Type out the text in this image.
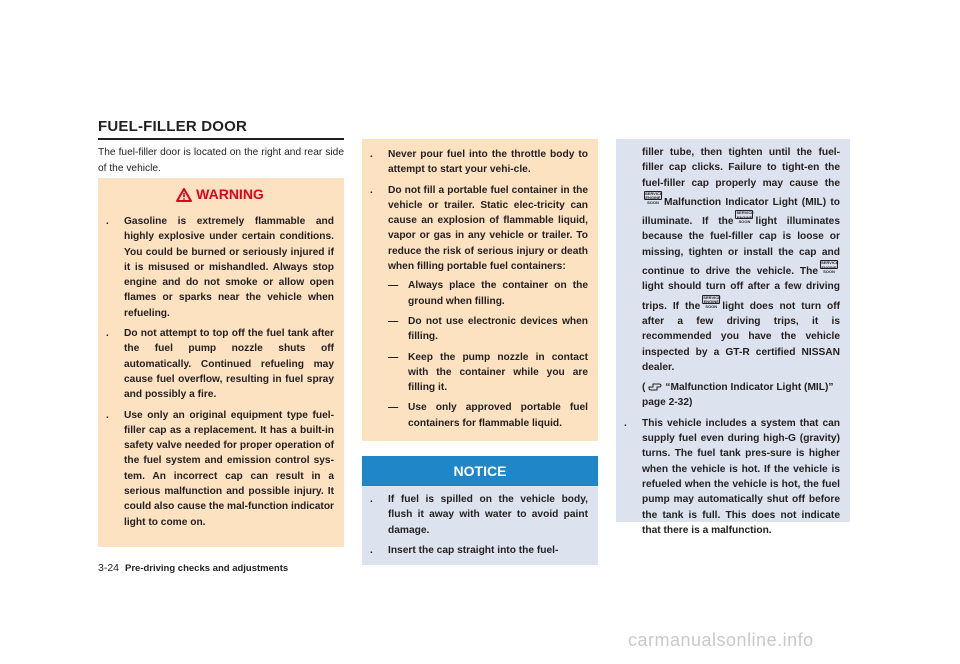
FUEL-FILLER DOOR
The fuel-filler door is located on the right and rear side of the vehicle.
WARNING
. Gasoline is extremely flammable and highly explosive under certain conditions. You could be burned or seriously injured if it is misused or mishandled. Always stop engine and do not smoke or allow open flames or sparks near the vehicle when refueling.
. Do not attempt to top off the fuel tank after the fuel pump nozzle shuts off automatically. Continued refueling may cause fuel overflow, resulting in fuel spray and possibly a fire.
. Use only an original equipment type fuel-filler cap as a replacement. It has a built-in safety valve needed for proper operation of the fuel system and emission control sys-tem. An incorrect cap can result in a serious malfunction and possible injury. It could also cause the mal-function indicator light to come on.
. Never pour fuel into the throttle body to attempt to start your vehi-cle.
. Do not fill a portable fuel container in the vehicle or trailer. Static elec-tricity can cause an explosion of flammable liquid, vapor or gas in any vehicle or trailer. To reduce the risk of serious injury or death when filling portable fuel containers:
— Always place the container on the ground when filling.
— Do not use electronic devices when filling.
— Keep the pump nozzle in contact with the container while you are filling it.
— Use only approved portable fuel containers for flammable liquid.
NOTICE
. If fuel is spilled on the vehicle body, flush it away with water to avoid paint damage.
. Insert the cap straight into the fuel-
filler tube, then tighten until the fuel-filler cap clicks. Failure to tight-en the fuel-filler cap properly may cause theSERVICE ENGINE SOON Malfunction Indicator Light (MIL) to illuminate. If theSERVICE ENGINE SOON light illuminates because the fuel-filler cap is loose or missing, tighten or install the cap and continue to drive the vehicle. TheSERVICE ENGINE SOONlight should turn off after a few driving trips. If theSERVICE ENGINE SOON light does not turn off after a few driving trips, it is recommended you have the vehicle inspected by a GT-R certified NISSAN dealer.
( “Malfunction Indicator Light (MIL)” page 2-32)
. This vehicle includes a system that can supply fuel even during high-G (gravity) turns. The fuel tank pres-sure is higher when the vehicle is hot. If the vehicle is refueled when the vehicle is hot, the fuel pump may automatically shut off before the tank is full. This does not indicate that there is a malfunction.
3-24 Pre-driving checks and adjustments
carmanualsonline.info
